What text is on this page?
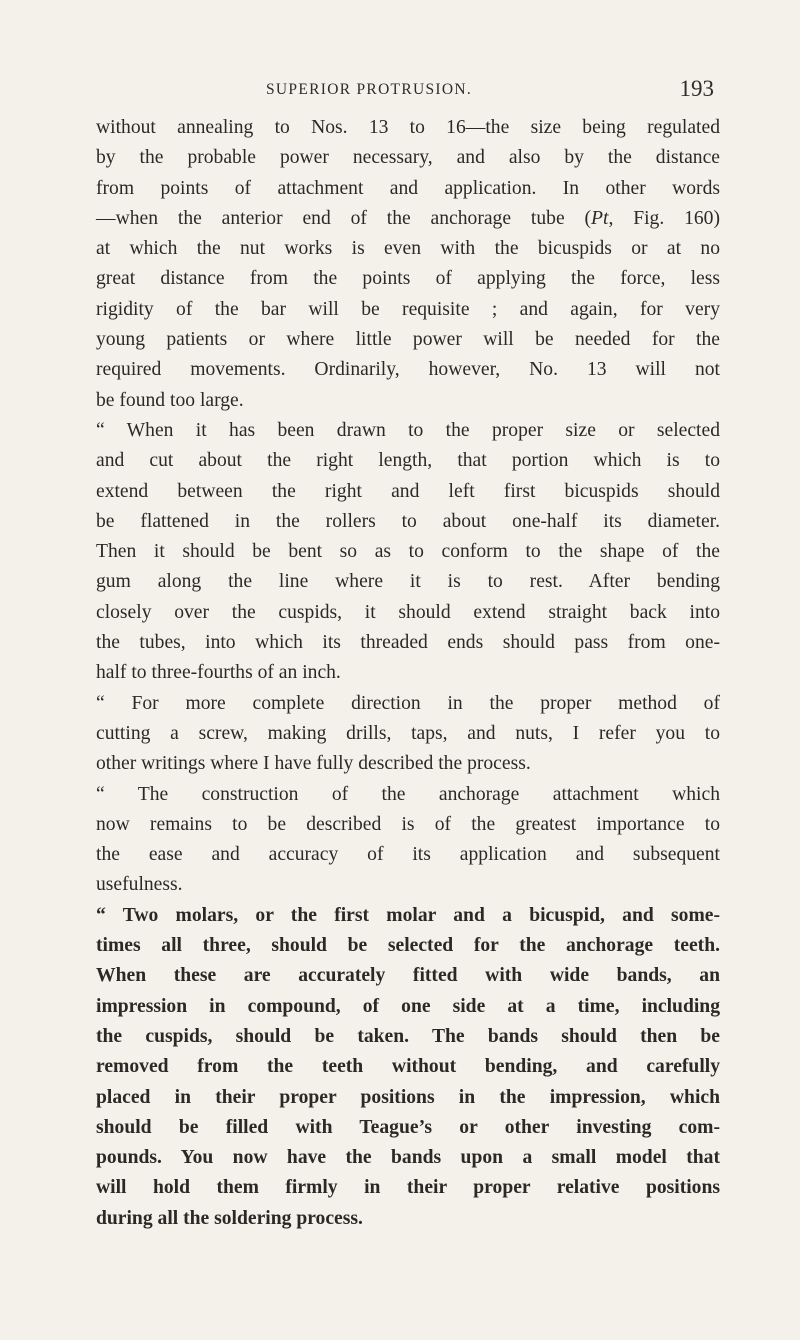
SUPERIOR PROTRUSION.	193
without annealing to Nos. 13 to 16—the size being regulated
by the probable power necessary, and also by the distance
from points of attachment and application. In other words
—when the anterior end of the anchorage tube (Pt, Fig. 160)
at which the nut works is even with the bicuspids or at no
great distance from the points of applying the force, less
rigidity of the bar will be requisite ; and again, for very
young patients or where little power will be needed for the
required movements. Ordinarily, however, No. 13 will not
be found too large.
“ When it has been drawn to the proper size or selected
and cut about the right length, that portion which is to
extend between the right and left first bicuspids should
be flattened in the rollers to about one-half its diameter.
Then it should be bent so as to conform to the shape of the
gum along the line where it is to rest. After bending
closely over the cuspids, it should extend straight back into
the tubes, into which its threaded ends should pass from one-
half to three-fourths of an inch.
“ For more complete direction in the proper method of
cutting a screw, making drills, taps, and nuts, I refer you to
other writings where I have fully described the process.
“ The construction of the anchorage attachment which
now remains to be described is of the greatest importance to
the ease and accuracy of its application and subsequent
usefulness.
“ Two molars, or the first molar and a bicuspid, and some-
times all three, should be selected for the anchorage teeth.
When these are accurately fitted with wide bands, an
impression in compound, of one side at a time, including
the cuspids, should be taken. The bands should then be
removed from the teeth without bending, and carefully
placed in their proper positions in the impression, which
should be filled with Teague’s or other investing com-
pounds. You now have the bands upon a small model that
will hold them firmly in their proper relative positions
during all the soldering process.
